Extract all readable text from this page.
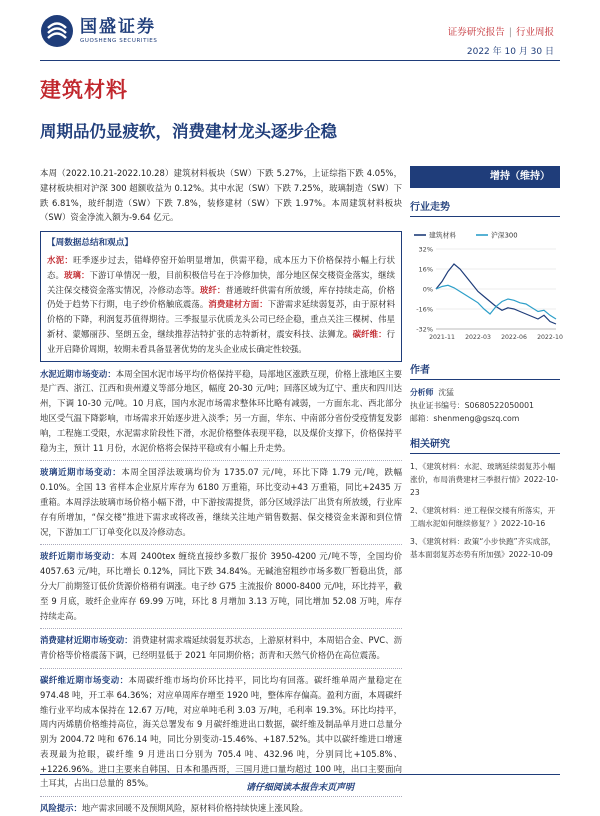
国盛证券
GUOSHENG SECURITIES
证券研究报告 | 行业周报
2022 年 10 月 30 日
建筑材料
周期品仍显疲软，消费建材龙头逐步企稳

本周（2022.10.21-2022.10.28）建筑材料板块（SW）下跌 5.27%，上证综指下跌 4.05%，建材板块相对沪深 300 超额收益为 0.12%。其中水泥（SW）下跌 7.25%，玻璃制造（SW）下跌 6.81%，玻纤制造（SW）下跌 7.8%，装修建材（SW）下跌 1.97%。本周建筑材料板块（SW）资金净流入额为-9.64 亿元。

【周数据总结和观点】

水泥：旺季逐步过去，错峰停窑开始明显增加，供需平稳，成本压力下价格保持小幅上行状态。玻璃：下游订单情况一般，目前积极信号在于冷修加快，部分地区保交楼资金落实，继续关注保交楼资金落实情况，冷修动态等。玻纤：普通玻纤供需有所放缓，库存持续走高，价格仍处于趋势下行期，电子纱价格触底震荡。消费建材方面：下游需求延续弱复苏，由于原材料价格的下降，利润复苏值得期待。三季报显示优质龙头公司已经企稳，重点关注三棵树、伟星新材、蒙娜丽莎、坚朗五金，继续推荐洁特扩张的志特新材，震安科技、法狮龙。碳纤维：行业开启降价周期，较期未看具备显著优势的龙头企业成长确定性较强。

水泥近期市场变动：本周全国水泥市场平均价格保持平稳，局部地区涨跌互现，价格上涨地区主要是广西、浙江、江西和贵州遵义等部分地区，幅度 20-30 元/吨；回落区域为辽宁、重庆和四川达州，下调 10-30 元/吨。10 月底，国内水泥市场需求整体环比略有减弱，一方面东北、西北部分地区受气温下降影响，市场需求开始逐步进入淡季；另一方面，华东、中南部分省份受疫情复发影响，工程施工受限，水泥需求阶段性下滑，水泥价格整体表现平稳，以及煤价支撑下，价格保持平稳为主，预计 11 月份，水泥价格将会保持平稳或有小幅上升走势。

玻璃近期市场变动：本周全国浮法玻璃均价为 1735.07 元/吨，环比下降 1.79 元/吨，跌幅 0.10%。全国 13 省样本企业原片库存为 6180 万重箱，环比变动+43 万重箱，同比+2435 万重箱。本周浮法玻璃市场价格小幅下滑，中下游按需提货，部分区域浮法厂出货有所放缓，行业库存有所增加，“保交楼”推进下需求或将改善，继续关注地产销售数据、保交楼资金来源和到位情况，下游加工厂订单变化以及冷修动态。

玻纤近期市场变动：本周 2400tex 缠绕直接纱多数厂报价 3950-4200 元/吨不等，全国均价 4057.63 元/吨，环比增长 0.12%，同比下跌 34.84%。无碱池窑粗纱市场多数厂暂稳出货，部分大厂前期签订低价货源价格稍有调涨。电子纱 G75 主流报价 8000-8400 元/吨，环比持平，截至 9 月底，玻纤企业库存 69.99 万吨，环比 8 月增加 3.13 万吨，同比增加 52.08 万吨，库存持续走高。

消费建材近期市场变动：消费建材需求端延续弱复苏状态，上游原材料中，本周铝合金、PVC、沥青价格等价格震荡下调，已经明显低于 2021 年同期价格；沥青和天然气价格仍在高位震荡。

碳纤维近期市场变动：本周碳纤维市场均价环比持平，同比均有回落。碳纤维单周产量稳定在 974.48 吨，开工率 64.36%；对应单周库存增至 1920 吨，整体库存偏高。盈利方面，本周碳纤维行业平均成本保持在 12.67 万/吨，对应单吨毛利 3.03 万/吨，毛利率 19.3%。环比均持平，周内丙烯腈价格维持高位，海关总署发布 9 月碳纤维进出口数据，碳纤维及制品单月进口总量分别为 2004.72 吨和 676.14 吨，同比分别变动-15.46%、+187.52%。其中以碳纤维进口增速表现最为抢眼，碳纤维 9 月进出口分别为 705.4 吨、432.96 吨，分别同比+105.8%、+1226.96%。进口主要来自韩国、日本和墨西哥，三国月进口量均超过 100 吨，出口主要面向土耳其，占出口总量的 85%。

风险提示：地产需求回暖不及预期风险，原材料价格持续快速上涨风险。

增持（维持）
行业走势
32%
16%
0%
-16%
-32%
2021-11 2022-03 2022-06 2022-10
建筑材料	沪深300
作者
分析师 沈猛
执业证书编号：S0680522050001
邮箱：shenmeng@gszq.com
相关研究
1、《建筑材料：水泥、玻璃延续弱复苏小幅涨价，布局消费建材三季报行情》2022-10-23
2、《建筑材料：逆工程保交楼有所落实，开工端水泥如何继续修复？》2022-10-16
3、《建筑材料：政策“小步快跑”齐实成部，基本面弱复苏态势有所加强》2022-10-09
请仔细阅读本报告末页声明
